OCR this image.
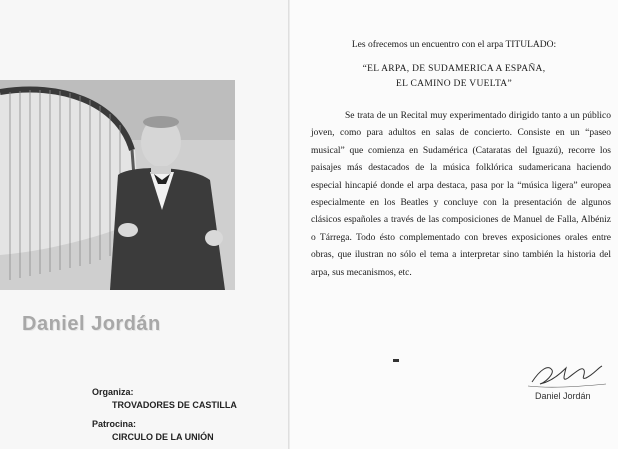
Daniel Jordán
Organiza:
TROVADORES DE CASTILLA
Patrocina:
CIRCULO DE LA UNIÓN
Les ofrecemos un encuentro con el arpa TITULADO:
“EL ARPA, DE SUDAMERICA A ESPAÑA,
EL CAMINO DE VUELTA”
Se trata de un Recital muy experimentado dirigido tanto a un público joven, como para adultos en salas de concierto. Consiste en un “paseo musical” que comienza en Sudamérica (Cataratas del Iguazú), recorre los paisajes más destacados de la música folklórica sudamericana haciendo especial hincapié donde el arpa destaca, pasa por la “música ligera” europea especialmente en los Beatles y concluye con la presentación de algunos clásicos españoles a través de las composiciones de Manuel de Falla, Albéniz o Tárrega. Todo ésto complementado con breves exposiciones orales entre obras, que ilustran no sólo el tema a interpretar sino también la historia del arpa, sus mecanismos, etc.
Daniel Jordán
